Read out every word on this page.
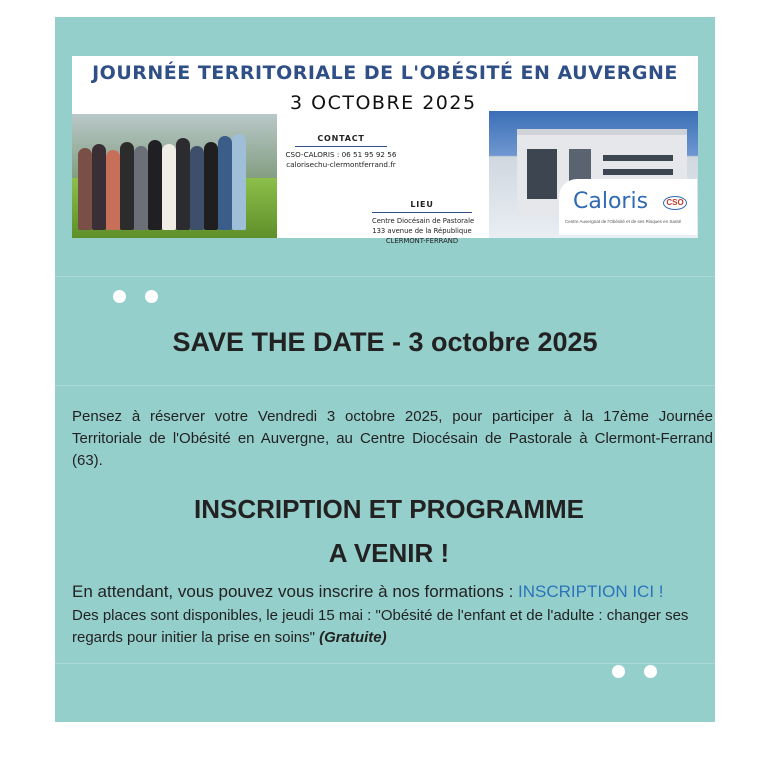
JOURNÉE TERRITORIALE DE L'OBÉSITÉ EN AUVERGNE
3 OCTOBRE 2025
CONTACT
CSO-CALORIS : 06 51 95 92 56
calorisechu-clermontferrand.fr
LIEU
Centre Diocésain de Pastorale
133 avenue de la République
CLERMONT-FERRAND
Caloris	CSO
Centre Auvergnat de l'Obésité et de ses Risques en Santé
SAVE THE DATE - 3 octobre 2025
Pensez à réserver votre Vendredi 3 octobre 2025, pour participer à la 17ème Journée Territoriale de l'Obésité en Auvergne, au Centre Diocésain de Pastorale à Clermont-Ferrand (63).
INSCRIPTION ET PROGRAMME
A VENIR !
En attendant, vous pouvez vous inscrire à nos formations : INSCRIPTION ICI !
Des places sont disponibles, le jeudi 15 mai : "Obésité de l'enfant et de l'adulte : changer ses regards pour initier la prise en soins" (Gratuite)
